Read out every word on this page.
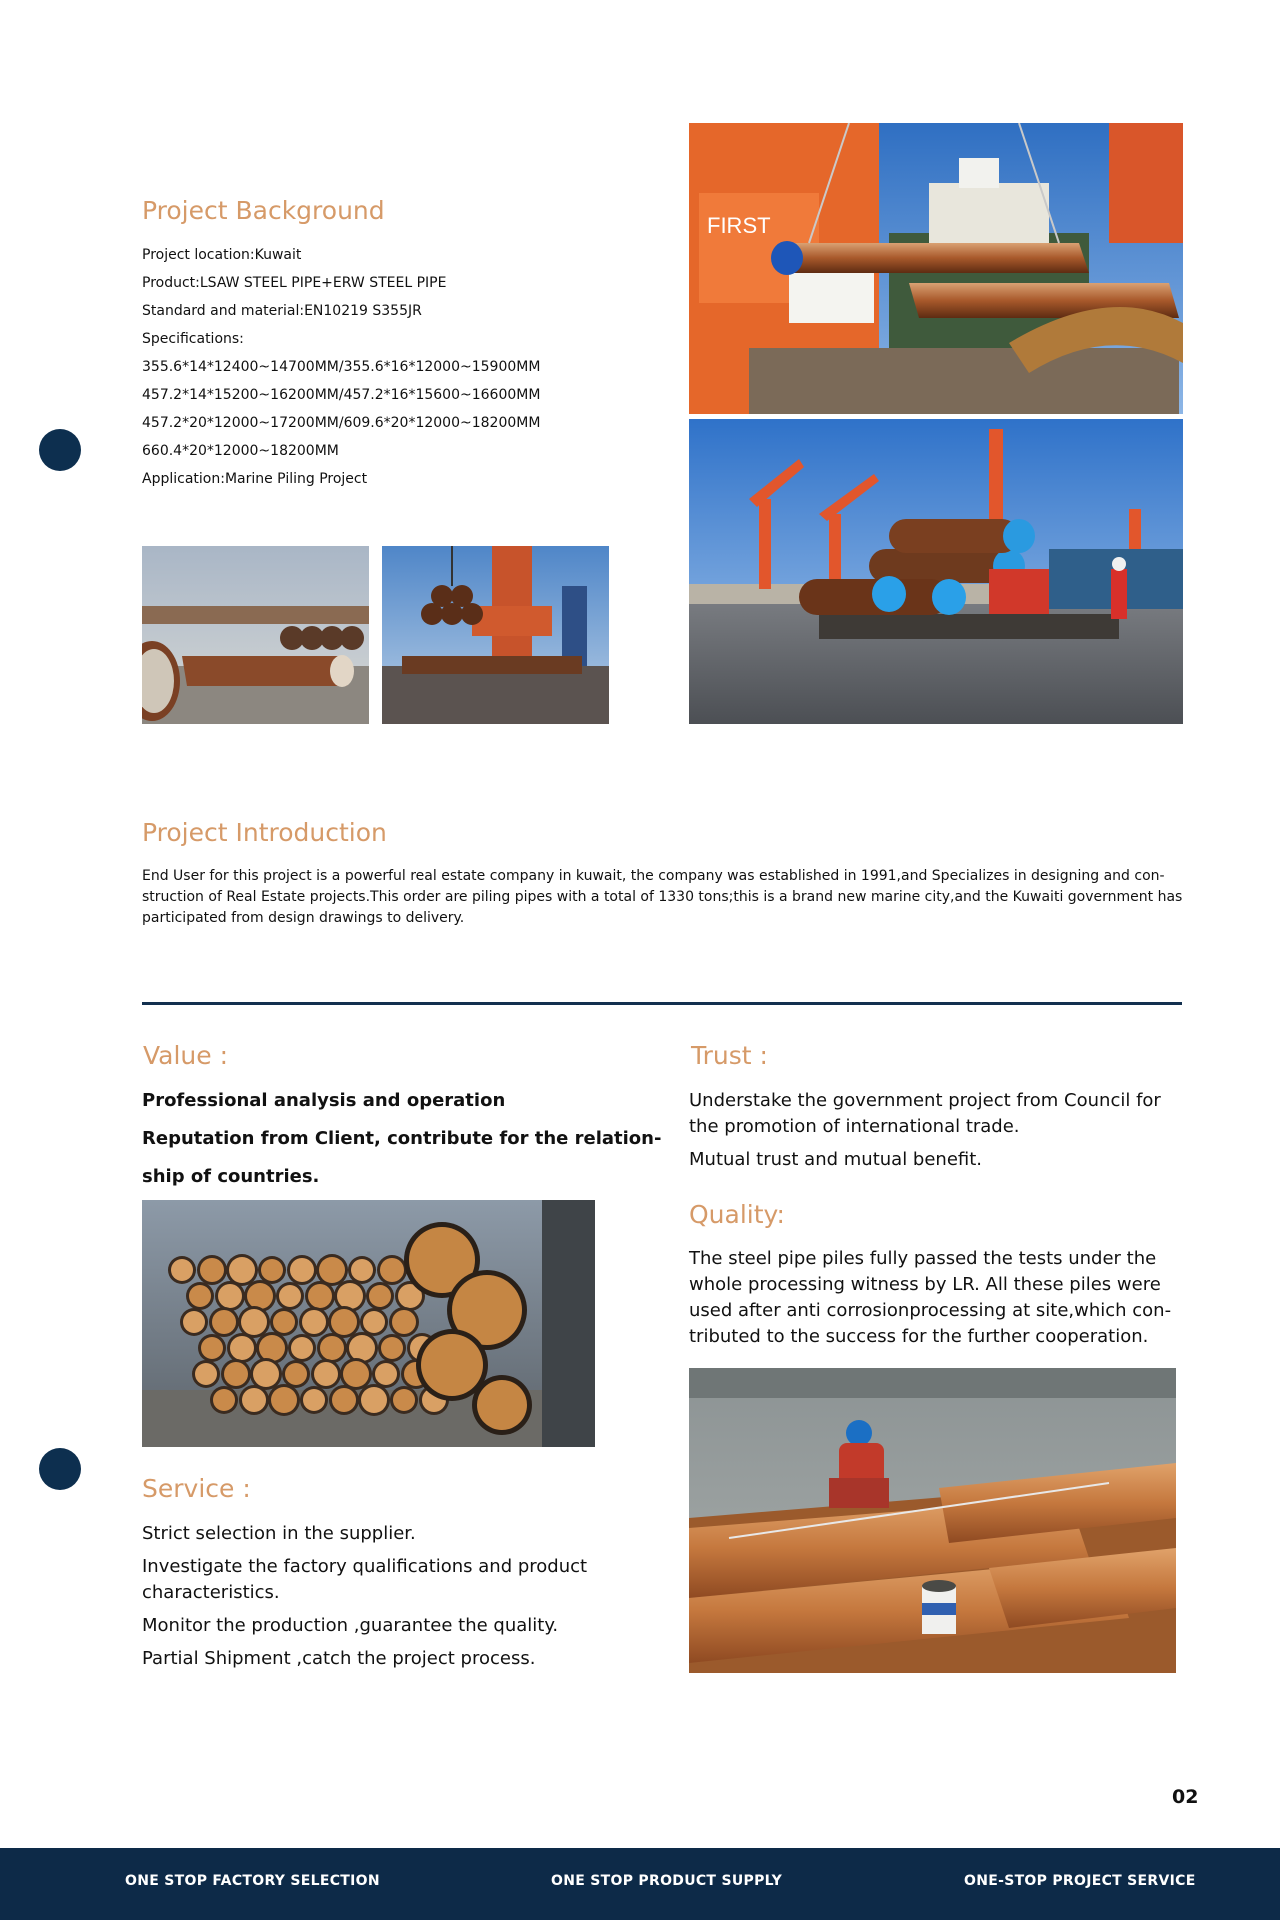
Project Background
Project location:Kuwait
Product:LSAW STEEL PIPE+ERW STEEL PIPE
Standard and material:EN10219 S355JR
Specifications:
355.6*14*12400~14700MM/355.6*16*12000~15900MM
457.2*14*15200~16200MM/457.2*16*15600~16600MM
457.2*20*12000~17200MM/609.6*20*12000~18200MM
660.4*20*12000~18200MM
Application:Marine Piling Project
FIRST
Project Introduction
End User for this project is a powerful real estate company in kuwait, the company was established in 1991,and Specializes in designing and con-
struction of Real Estate projects.This order are piling pipes with a total of 1330 tons;this is a brand new marine city,and the Kuwaiti government has
participated from design drawings to delivery.
Value :
Professional analysis and operation
Reputation from Client, contribute for the relation-
ship of countries.
Trust :
Understake the government project from Council for
the promotion of international trade.
Mutual trust and mutual benefit.
Quality:
The steel pipe piles fully passed the tests under the
whole processing witness by LR. All these piles were
used after anti corrosionprocessing at site,which con-
tributed to the success for the further cooperation.
Service :
Strict selection in the supplier.
Investigate the factory qualifications and product
characteristics.
Monitor the production ,guarantee the quality.
Partial Shipment ,catch the project process.
02
ONE STOP FACTORY SELECTION	ONE STOP PRODUCT SUPPLY	ONE-STOP PROJECT SERVICE
